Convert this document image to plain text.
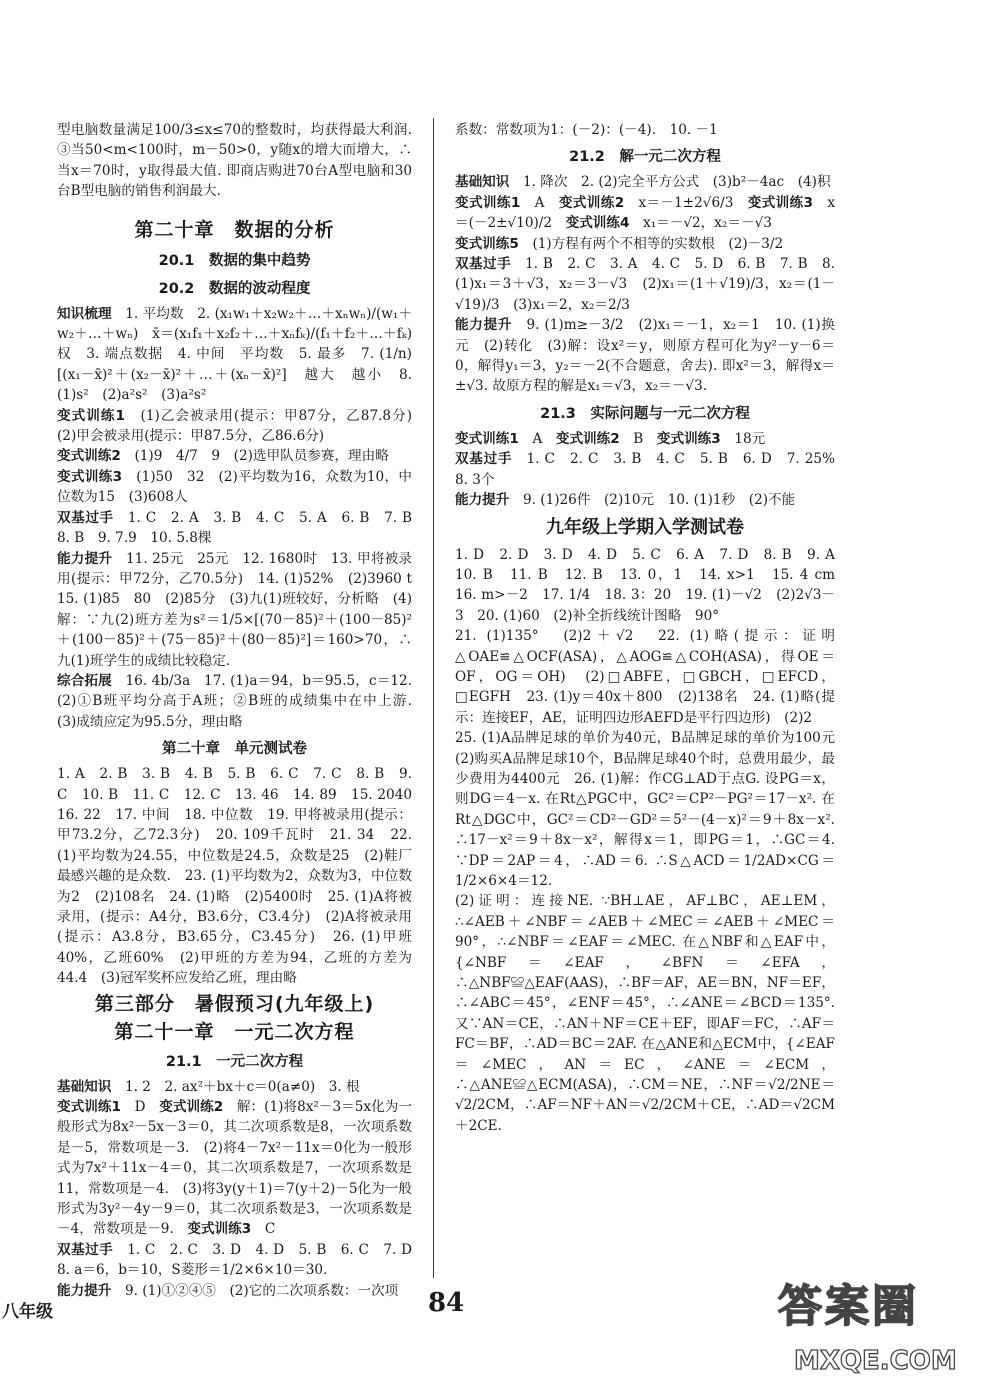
型电脑数量满足100/3≤x≤70的整数时，均获得最大利润. ③当50<m<100时，m－50>0，y随x的增大而增大，∴当x＝70时，y取得最大值. 即商店购进70台A型电脑和30台B型电脑的销售利润最大.

第二十章　数据的分析
20.1　数据的集中趋势
20.2　数据的波动程度

知识梳理　 1. 平均数　2. (x₁w₁＋x₂w₂＋…＋xₙwₙ)/(w₁＋w₂＋…＋wₙ)　x̄＝(x₁f₁＋x₂f₂＋…＋xₙfₖ)/(f₁＋f₂＋…＋fₖ)　权　3. 端点数据　4. 中间　平均数　5. 最多　7. (1/n)[(x₁－x̄)²＋(x₂－x̄)²＋…＋(xₙ－x̄)²]　越大　越小　8. (1)s²　(2)a²s²　(3)a²s²

变式训练1　 (1)乙会被录用(提示：甲87分，乙87.8分)　(2)甲会被录用(提示：甲87.5分，乙86.6分)

变式训练2　 (1)9　4/7　9　(2)选甲队员参赛，理由略

变式训练3　 (1)50　32　(2)平均数为16，众数为10，中位数为15　(3)608人

双基过手　 1. C　2. A　3. B　4. C　5. A　6. B　7. B　8. B　9. 7.9　10. 5.8棵

能力提升　 11. 25元　25元　12. 1680时　13. 甲将被录用(提示：甲72分，乙70.5分)　14. (1)52%　(2)3960 t　15. (1)85　80　(2)85分　(3)九(1)班较好，分析略　(4)解：∵九(2)班方差为s²＝1/5×[(70－85)²＋(100－85)²＋(100－85)²＋(75－85)²＋(80－85)²]＝160>70，∴九(1)班学生的成绩比较稳定.

综合拓展　 16. 4b/3a　17. (1)a＝94，b＝95.5，c＝12.　(2)①B班平均分高于A班；②B班的成绩集中在中上游.　(3)成绩应定为95.5分，理由略

第二十章　单元测试卷

1. A　2. B　3. B　4. B　5. B　6. C　7. C　8. B　9. C　10. B　11. C　12. C　13. 46　14. 89　15. 2040　16. 22　17. 中间　18. 中位数　19. 甲将被录用(提示：甲73.2分，乙72.3分)　20. 109千瓦时　21. 34　22. (1)平均数为24.55，中位数是24.5，众数是25　(2)鞋厂最感兴趣的是众数.　23. (1)平均数为2，众数为3，中位数为2　(2)108名　24. (1)略　(2)5400时　25. (1)A将被录用，(提示：A4分，B3.6分，C3.4分)　(2)A将被录用(提示：A3.8分，B3.65分，C3.45分)　26. (1)甲班40%，乙班60%　(2)甲班的方差为94，乙班的方差为44.4　(3)冠军奖杯应发给乙班，理由略

第三部分　暑假预习(九年级上)
第二十一章　一元二次方程
21.1　一元二次方程

基础知识　 1. 2　2. ax²＋bx＋c＝0(a≠0)　3. 根

变式训练1　 D　 变式训练2　 解：(1)将8x²－3＝5x化为一般形式为8x²－5x－3＝0，其二次项系数是8，一次项系数是－5，常数项是－3.　(2)将4－7x²－11x＝0化为一般形式为7x²＋11x－4＝0，其二次项系数是7，一次项系数是11，常数项是－4.　(3)将3y(y＋1)＝7(y＋2)－5化为一般形式为3y²－4y－9＝0，其二次项系数是3，一次项系数是－4，常数项是－9.　 变式训练3　 C

双基过手　 1. C　2. C　3. D　4. D　5. B　6. C　7. D　8. a＝6，b＝10，S菱形＝1/2×6×10＝30.

能力提升　 9. (1)①②④⑤　(2)它的二次项系数：一次项

系数：常数项为1：(－2)：(－4).　10. －1

21.2　解一元二次方程

基础知识　 1. 降次　2. (2)完全平方公式　(3)b²－4ac　(4)积

变式训练1　 A　 变式训练2　 x＝－1±2√6/3　 变式训练3　 x＝(－2±√10)/2　 变式训练4　 x₁＝－√2，x₂＝－√3

变式训练5　 (1)方程有两个不相等的实数根　(2)－3/2

双基过手　 1. B　2. C　3. A　4. C　5. D　6. B　7. B　8. (1)x₁＝3＋√3，x₂＝3－√3　(2)x₁＝(1＋√19)/3，x₂＝(1－√19)/3　(3)x₁＝2，x₂＝2/3

能力提升　 9. (1)m≥－3/2　(2)x₁＝－1，x₂＝1　10. (1)换元　(2)转化　(3)解：设x²＝y，则原方程可化为y²－y－6＝0，解得y₁＝3，y₂＝－2(不合题意，舍去). 即x²＝3，解得x＝±√3. 故原方程的解是x₁＝√3，x₂＝－√3.

21.3　实际问题与一元二次方程

变式训练1　 A　 变式训练2　 B　 变式训练3　 18元

双基过手　 1. C　2. C　3. B　4. C　5. B　6. D　7. 25%　8. 3个

能力提升　 9. (1)26件　(2)10元　10. (1)1秒　(2)不能

九年级上学期入学测试卷

1. D　2. D　3. D　4. D　5. C　6. A　7. D　8. B　9. A　10. B　11. B　12. B　13. 0，1　14. x>1　15. 4 cm　16. m>－2　17. 1/4　18. 3：20　19. (1)－√2　(2)2√3－3　20. (1)60　(2)补全折线统计图略　90°

21. (1)135°　(2)2＋√2　22. (1)略(提示：证明△OAE≌△OCF(ASA)，△AOG≌△COH(ASA)，得OE＝OF，OG＝OH)　(2)□ABFE，□GBCH，□EFCD，□EGFH　23. (1)y＝40x＋800　(2)138名　24. (1)略(提示：连接EF，AE，证明四边形AEFD是平行四边形)　(2)2

25. (1)A品牌足球的单价为40元，B品牌足球的单价为100元　(2)购买A品牌足球10个，B品牌足球40个时，总费用最少，最少费用为4400元　26. (1)解：作CG⊥AD于点G. 设PG＝x，则DG＝4－x. 在Rt△PGC中，GC²＝CP²－PG²＝17－x². 在Rt△DGC中，GC²＝CD²－GD²＝5²－(4－x)²＝9＋8x－x². ∴17－x²＝9＋8x－x²，解得x＝1，即PG＝1，∴GC＝4. ∵DP＝2AP＝4，∴AD＝6. ∴S△ACD＝1/2AD×CG＝1/2×6×4＝12.

(2)证明：连接NE. ∵BH⊥AE，AF⊥BC，AE⊥EM，∴∠AEB＋∠NBF＝∠AEB＋∠MEC＝∠AEB＋∠MEC＝90°，∴∠NBF＝∠EAF＝∠MEC. 在△NBF和△EAF中，{∠NBF＝∠EAF，∠BFN＝∠EFA，∴△NBF≌△EAF(AAS)，∴BF＝AF，AE＝BN，NF＝EF，∴∠ABC＝45°，∠ENF＝45°，∴∠ANE＝∠BCD＝135°. 又∵AN＝CE，∴AN＋NF＝CE＋EF，即AF＝FC，∴AF＝FC＝BF，∴AD＝BC＝2AF. 在△ANE和△ECM中，{∠EAF＝∠MEC，AN＝EC，∠ANE＝∠ECM，∴△ANE≌△ECM(ASA)，∴CM＝NE，∴NF＝√2/2NE＝√2/2CM，∴AF＝NF＋AN＝√2/2CM＋CE，∴AD＝√2CM＋2CE.

八年级	84	答案圈
MXQE.COM
